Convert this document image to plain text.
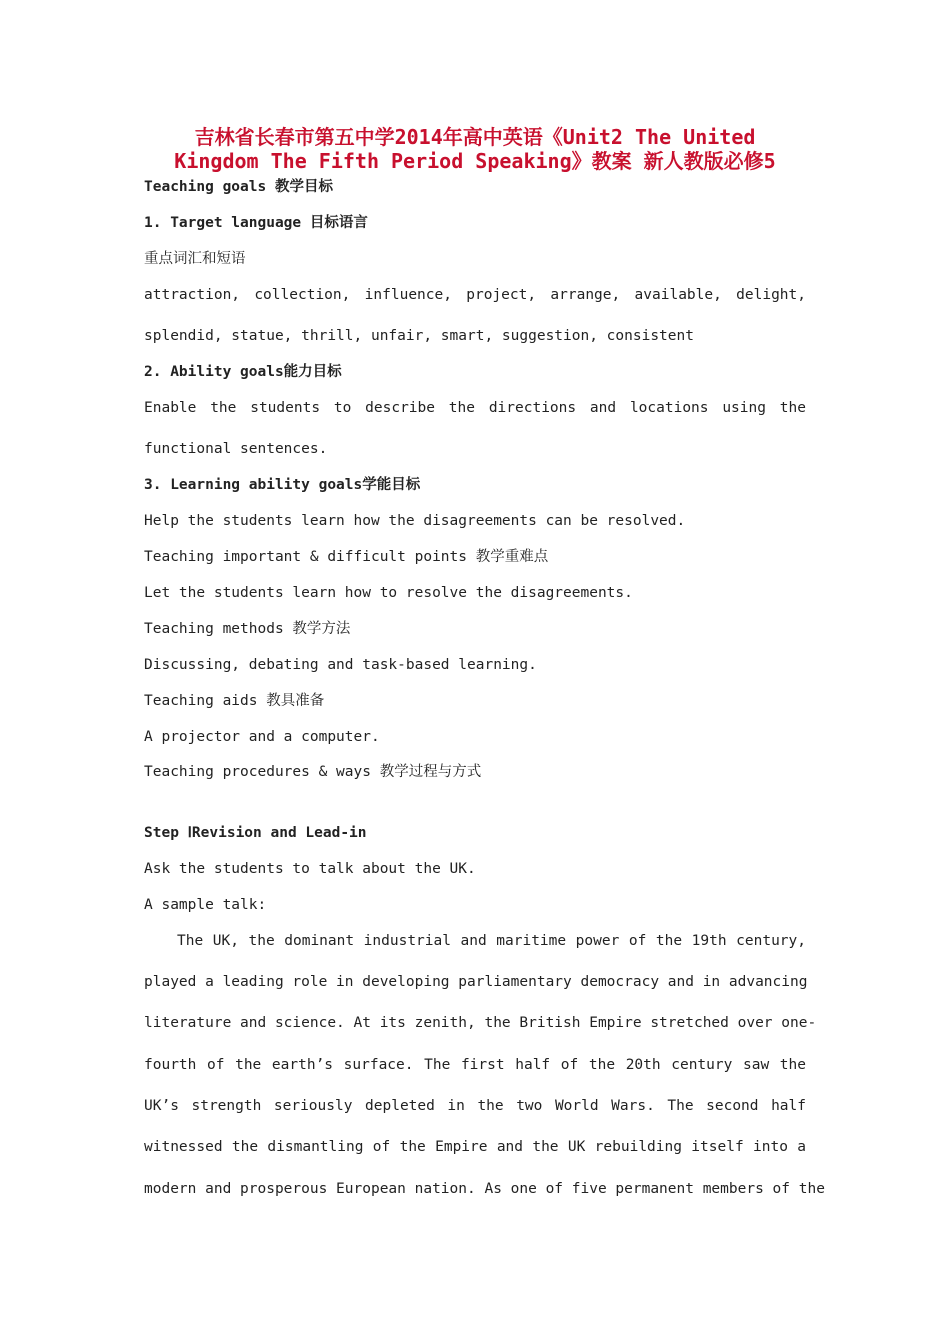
吉林省长春市第五中学2014年高中英语《Unit2 The United
Kingdom The Fifth Period Speaking》教案 新人教版必修5
Teaching goals 教学目标
1. Target language 目标语言
重点词汇和短语
attraction, collection, influence, project, arrange, available, delight,
splendid, statue, thrill, unfair, smart, suggestion, consistent
2. Ability goals能力目标
Enable the students to describe the directions and locations using the
functional sentences.
3. Learning ability goals学能目标
Help the students learn how the disagreements can be resolved.
Teaching important & difficult points 教学重难点
Let the students learn how to resolve the disagreements.
Teaching methods 教学方法
Discussing, debating and task-based learning.
Teaching aids 教具准备
A projector and a computer.
Teaching procedures & ways 教学过程与方式
Step ⅠRevision and Lead-in
Ask the students to talk about the UK.
A sample talk:
The UK, the dominant industrial and maritime power of the 19th century,
played a leading role in developing parliamentary democracy and in advancing
literature and science. At its zenith, the British Empire stretched over one-
fourth of the earth’s surface. The first half of the 20th century saw the
UK’s strength seriously depleted in the two World Wars. The second half
witnessed the dismantling of the Empire and the UK rebuilding itself into a
modern and prosperous European nation. As one of five permanent members of the
